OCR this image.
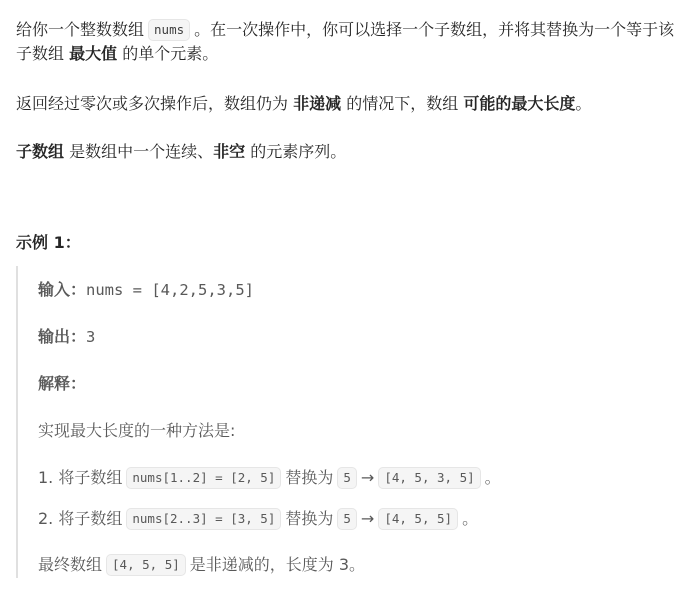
给你一个整数数组 nums 。在一次操作中，你可以选择一个子数组，并将其替换为一个等于该子数组 最大值 的单个元素。
返回经过零次或多次操作后，数组仍为 非递减 的情况下，数组 可能的最大长度。
子数组 是数组中一个连续、非空 的元素序列。
示例 1：
输入：nums = [4,2,5,3,5]
输出：3
解释：
实现最大长度的一种方法是:
1. 将子数组 nums[1..2] = [2, 5] 替换为 5 → [4, 5, 3, 5] 。
2. 将子数组 nums[2..3] = [3, 5] 替换为 5 → [4, 5, 5] 。
最终数组 [4, 5, 5] 是非递减的，长度为 3。
